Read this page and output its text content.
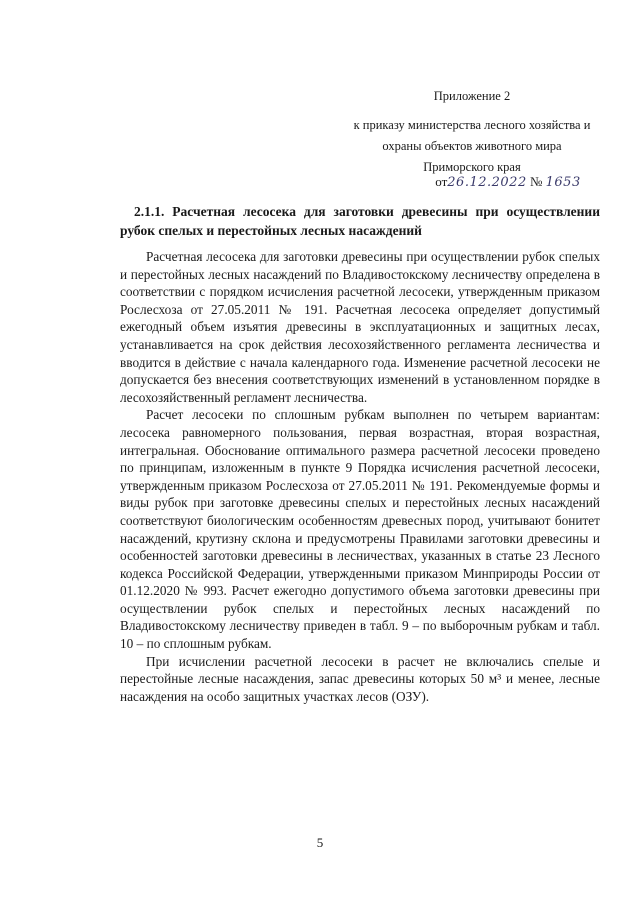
Приложение 2
к приказу министерства лесного хозяйства и
охраны объектов животного мира
Приморского края
от26.12.2022 № 1653
2.1.1. Расчетная лесосека для заготовки древесины при осуществлении рубок спелых и перестойных лесных насаждений

Расчетная лесосека для заготовки древесины при осуществлении рубок спелых и перестойных лесных насаждений по Владивостокскому лесничеству определена в соответствии с порядком исчисления расчетной лесосеки, утвержденным приказом Рослесхоза от 27.05.2011 № 191. Расчетная лесосека определяет допустимый ежегодный объем изъятия древесины в эксплуатационных и защитных лесах, устанавливается на срок действия лесохозяйственного регламента лесничества и вводится в действие с начала календарного года. Изменение расчетной лесосеки не допускается без внесения соответствующих изменений в установленном порядке в лесохозяйственный регламент лесничества.

Расчет лесосеки по сплошным рубкам выполнен по четырем вариантам: лесосека равномерного пользования, первая возрастная, вторая возрастная, интегральная. Обоснование оптимального размера расчетной лесосеки проведено по принципам, изложенным в пункте 9 Порядка исчисления расчетной лесосеки, утвержденным приказом Рослесхоза от 27.05.2011 № 191. Рекомендуемые формы и виды рубок при заготовке древесины спелых и перестойных лесных насаждений соответствуют биологическим особенностям древесных пород, учитывают бонитет насаждений, крутизну склона и предусмотрены Правилами заготовки древесины и особенностей заготовки древесины в лесничествах, указанных в статье 23 Лесного кодекса Российской Федерации, утвержденными приказом Минприроды России от 01.12.2020 № 993. Расчет ежегодно допустимого объема заготовки древесины при осуществлении рубок спелых и перестойных лесных насаждений по Владивостокскому лесничеству приведен в табл. 9 – по выборочным рубкам и табл. 10 – по сплошным рубкам.

При исчислении расчетной лесосеки в расчет не включались спелые и перестойные лесные насаждения, запас древесины которых 50 м³ и менее, лесные насаждения на особо защитных участках лесов (ОЗУ).

5
